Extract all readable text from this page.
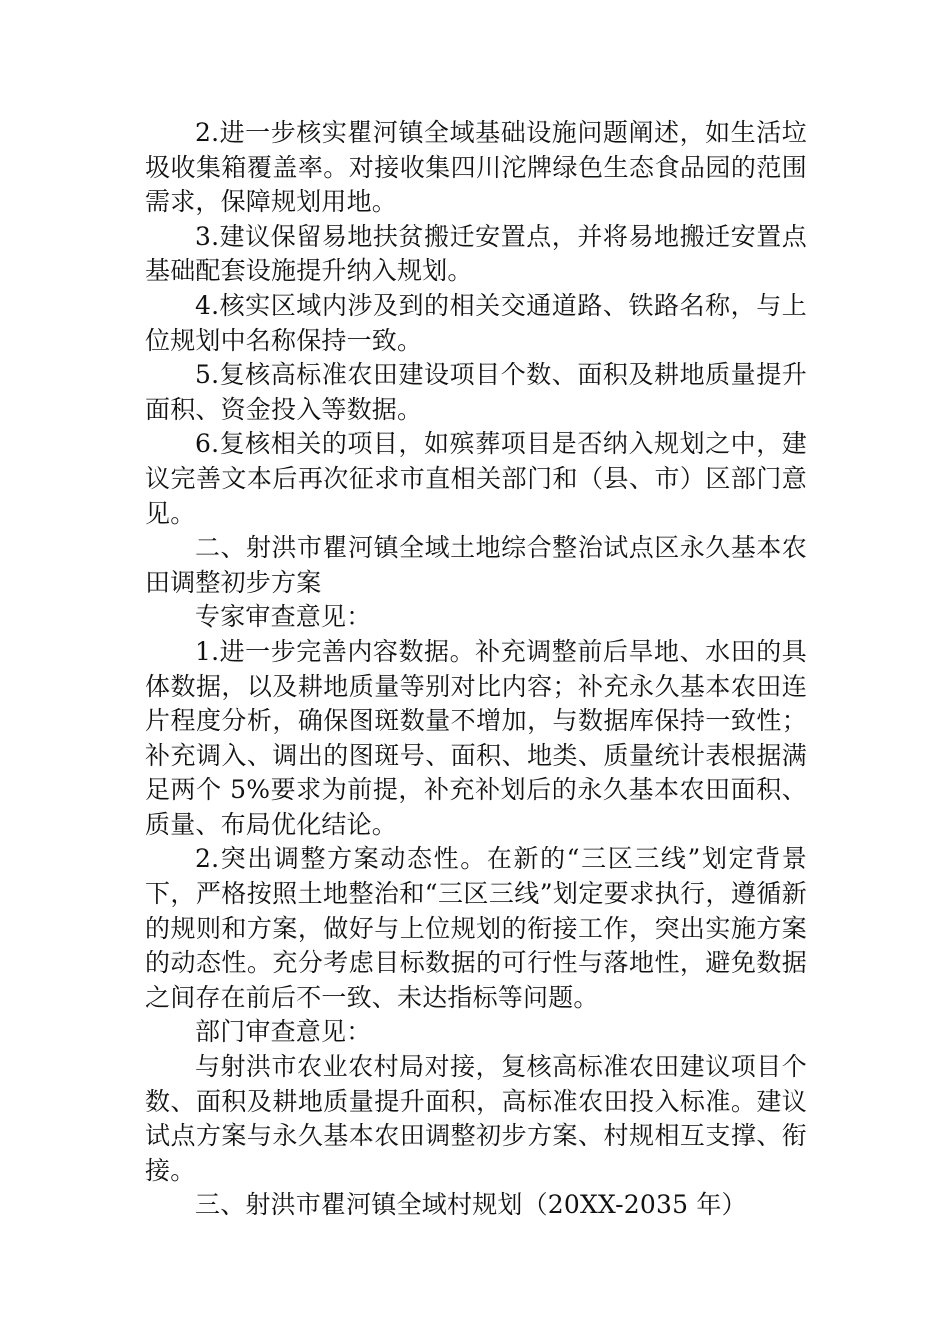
2.进一步核实瞿河镇全域基础设施问题阐述，如生活垃圾收集箱覆盖率。对接收集四川沱牌绿色生态食品园的范围需求，保障规划用地。

3.建议保留易地扶贫搬迁安置点，并将易地搬迁安置点基础配套设施提升纳入规划。

4.核实区域内涉及到的相关交通道路、铁路名称，与上位规划中名称保持一致。

5.复核高标准农田建设项目个数、面积及耕地质量提升面积、资金投入等数据。

6.复核相关的项目，如殡葬项目是否纳入规划之中，建议完善文本后再次征求市直相关部门和（县、市）区部门意见。

二、射洪市瞿河镇全域土地综合整治试点区永久基本农田调整初步方案

专家审查意见：

1.进一步完善内容数据。补充调整前后旱地、水田的具体数据，以及耕地质量等别对比内容；补充永久基本农田连片程度分析，确保图斑数量不增加，与数据库保持一致性；补充调入、调出的图斑号、面积、地类、质量统计表根据满足两个 5%要求为前提，补充补划后的永久基本农田面积、质量、布局优化结论。

2.突出调整方案动态性。在新的“三区三线”划定背景下，严格按照土地整治和“三区三线”划定要求执行，遵循新的规则和方案，做好与上位规划的衔接工作，突出实施方案的动态性。充分考虑目标数据的可行性与落地性，避免数据之间存在前后不一致、未达指标等问题。

部门审查意见：

与射洪市农业农村局对接，复核高标准农田建议项目个数、面积及耕地质量提升面积，高标准农田投入标准。建议试点方案与永久基本农田调整初步方案、村规相互支撑、衔接。

三、射洪市瞿河镇全域村规划（20XX-2035 年）
